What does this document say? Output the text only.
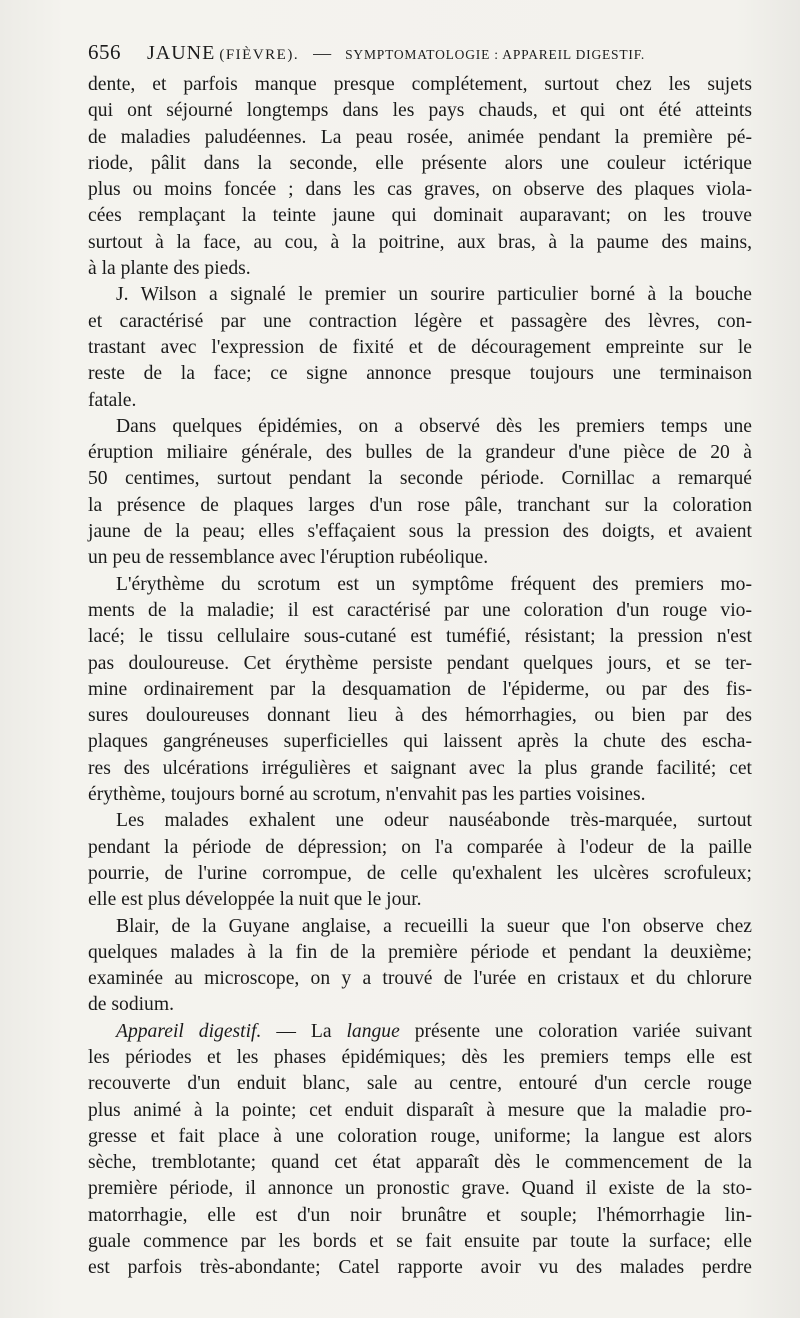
656 JAUNE (FIÈVRE). — SYMPTOMATOLOGIE : APPAREIL DIGESTIF.
dente, et parfois manque presque complétement, surtout chez les sujets
qui ont séjourné longtemps dans les pays chauds, et qui ont été atteints
de maladies paludéennes. La peau rosée, animée pendant la première pé-
riode, pâlit dans la seconde, elle présente alors une couleur ictérique
plus ou moins foncée ; dans les cas graves, on observe des plaques viola-
cées remplaçant la teinte jaune qui dominait auparavant; on les trouve
surtout à la face, au cou, à la poitrine, aux bras, à la paume des mains,
à la plante des pieds.
J. Wilson a signalé le premier un sourire particulier borné à la bouche
et caractérisé par une contraction légère et passagère des lèvres, con-
trastant avec l'expression de fixité et de découragement empreinte sur le
reste de la face; ce signe annonce presque toujours une terminaison
fatale.
Dans quelques épidémies, on a observé dès les premiers temps une
éruption miliaire générale, des bulles de la grandeur d'une pièce de 20 à
50 centimes, surtout pendant la seconde période. Cornillac a remarqué
la présence de plaques larges d'un rose pâle, tranchant sur la coloration
jaune de la peau; elles s'effaçaient sous la pression des doigts, et avaient
un peu de ressemblance avec l'éruption rubéolique.
L'érythème du scrotum est un symptôme fréquent des premiers mo-
ments de la maladie; il est caractérisé par une coloration d'un rouge vio-
lacé; le tissu cellulaire sous-cutané est tuméfié, résistant; la pression n'est
pas douloureuse. Cet érythème persiste pendant quelques jours, et se ter-
mine ordinairement par la desquamation de l'épiderme, ou par des fis-
sures douloureuses donnant lieu à des hémorrhagies, ou bien par des
plaques gangréneuses superficielles qui laissent après la chute des escha-
res des ulcérations irrégulières et saignant avec la plus grande facilité; cet
érythème, toujours borné au scrotum, n'envahit pas les parties voisines.
Les malades exhalent une odeur nauséabonde très-marquée, surtout
pendant la période de dépression; on l'a comparée à l'odeur de la paille
pourrie, de l'urine corrompue, de celle qu'exhalent les ulcères scrofuleux;
elle est plus développée la nuit que le jour.
Blair, de la Guyane anglaise, a recueilli la sueur que l'on observe chez
quelques malades à la fin de la première période et pendant la deuxième;
examinée au microscope, on y a trouvé de l'urée en cristaux et du chlorure
de sodium.
Appareil digestif. — La langue présente une coloration variée suivant
les périodes et les phases épidémiques; dès les premiers temps elle est
recouverte d'un enduit blanc, sale au centre, entouré d'un cercle rouge
plus animé à la pointe; cet enduit disparaît à mesure que la maladie pro-
gresse et fait place à une coloration rouge, uniforme; la langue est alors
sèche, tremblotante; quand cet état apparaît dès le commencement de la
première période, il annonce un pronostic grave. Quand il existe de la sto-
matorrhagie, elle est d'un noir brunâtre et souple; l'hémorrhagie lin-
guale commence par les bords et se fait ensuite par toute la surface; elle
est parfois très-abondante; Catel rapporte avoir vu des malades perdre
